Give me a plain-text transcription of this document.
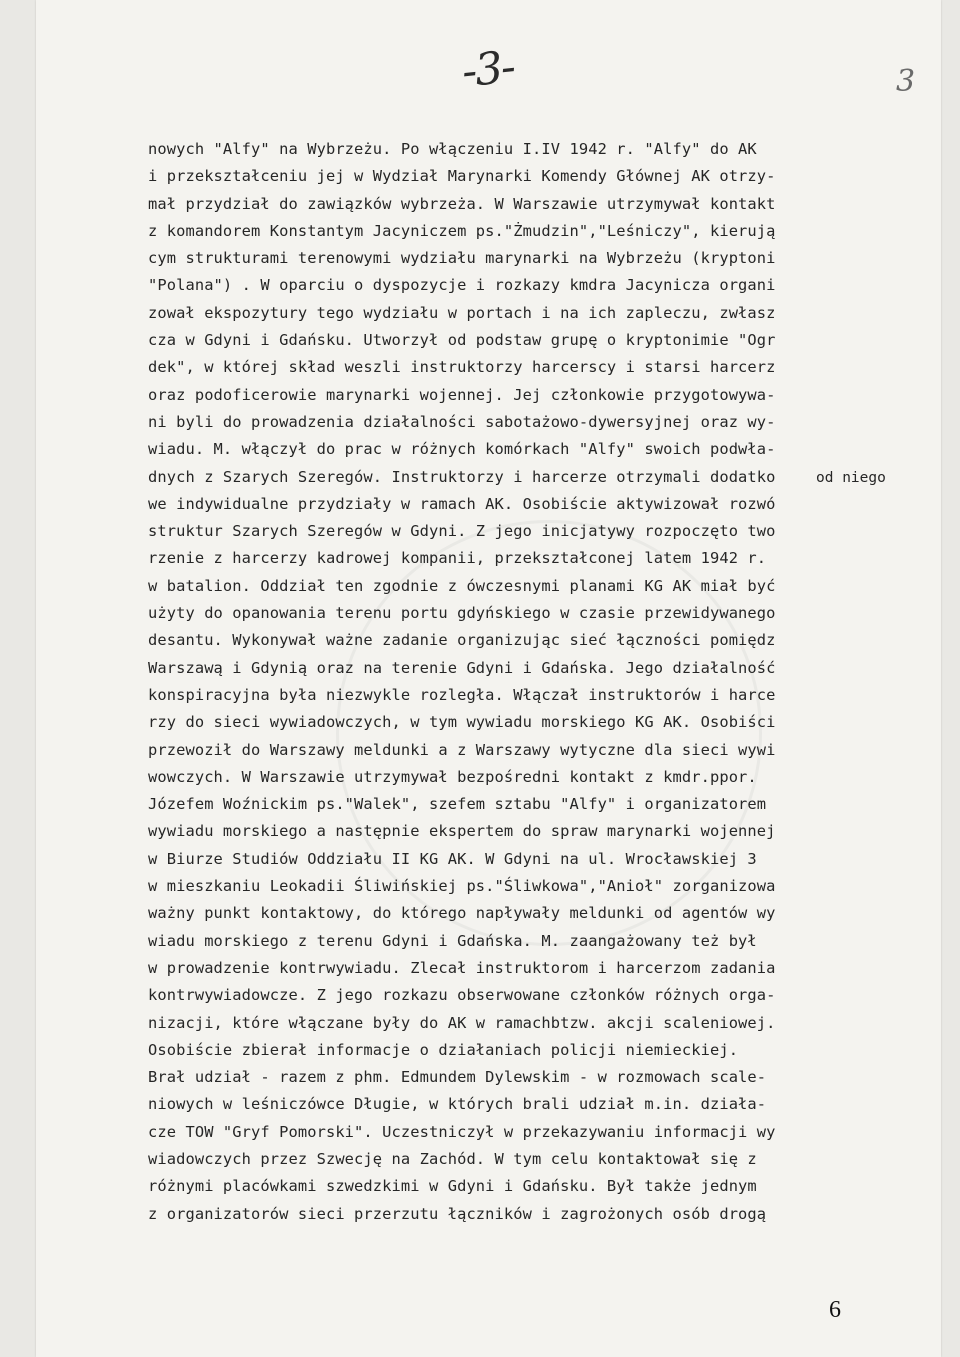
-3-	3
nowych "Alfy" na Wybrzeżu. Po włączeniu I.IV 1942 r. "Alfy" do AK
i przekształceniu jej w Wydział Marynarki Komendy Głównej AK otrzy-
mał przydział do zawiązków wybrzeża. W Warszawie utrzymywał kontakt
z komandorem Konstantym Jacyniczem ps."Żmudzin","Leśniczy", kierują
cym strukturami terenowymi wydziału marynarki na Wybrzeżu (kryptoni
"Polana") . W oparciu o dyspozycje i rozkazy kmdra Jacynicza organi
zował ekspozytury tego wydziału w portach i na ich zapleczu, zwłasz
cza w Gdyni i Gdańsku. Utworzył od podstaw grupę o kryptonimie "Ogr
dek", w której skład weszli instruktorzy harcerscy i starsi harcerz
oraz podoficerowie marynarki wojennej. Jej członkowie przygotowywa-
ni byli do prowadzenia działalności sabotażowo-dywersyjnej oraz wy-
wiadu. M. włączył do prac w różnych komórkach "Alfy" swoich podwła-
dnych z Szarych Szeregów. Instruktorzy i harcerze otrzymali dodatko
we indywidualne przydziały w ramach AK. Osobiście aktywizował rozwó
struktur Szarych Szeregów w Gdyni. Z jego inicjatywy rozpoczęto two
rzenie z harcerzy kadrowej kompanii, przekształconej latem 1942 r.
w batalion. Oddział ten zgodnie z ówczesnymi planami KG AK miał być
użyty do opanowania terenu portu gdyńskiego w czasie przewidywanego
desantu. Wykonywał ważne zadanie organizując sieć łączności pomiędz
Warszawą i Gdynią oraz na terenie Gdyni i Gdańska. Jego działalność
konspiracyjna była niezwykle rozległa. Włączał instruktorów i harce
rzy do sieci wywiadowczych, w tym wywiadu morskiego KG AK. Osobiści
przewoził do Warszawy meldunki a z Warszawy wytyczne dla sieci wywi
wowczych. W Warszawie utrzymywał bezpośredni kontakt z kmdr.ppor.
Józefem Woźnickim ps."Walek", szefem sztabu "Alfy" i organizatorem
wywiadu morskiego a następnie ekspertem do spraw marynarki wojennej
w Biurze Studiów Oddziału II KG AK. W Gdyni na ul. Wrocławskiej 3
w mieszkaniu Leokadii Śliwińskiej ps."Śliwkowa","Anioł" zorganizowa
ważny punkt kontaktowy, do którego napływały meldunki od agentów wy
wiadu morskiego z terenu Gdyni i Gdańska. M. zaangażowany też był
w prowadzenie kontrwywiadu. Zlecał instruktorom i harcerzom zadania
kontrwywiadowcze. Z jego rozkazu obserwowane członków różnych orga-
nizacji, które włączane były do AK w ramachbtzw. akcji scaleniowej.
Osobiście zbierał informacje o działaniach policji niemieckiej.
Brał udział - razem z phm. Edmundem Dylewskim - w rozmowach scale-
niowych w leśniczówce Długie, w których brali udział m.in. działa-
cze TOW "Gryf Pomorski". Uczestniczył w przekazywaniu informacji wy
wiadowczych przez Szwecję na Zachód. W tym celu kontaktował się z
różnymi placówkami szwedzkimi w Gdyni i Gdańsku. Był także jednym
z organizatorów sieci przerzutu łączników i zagrożonych osób drogą
od niego
6
